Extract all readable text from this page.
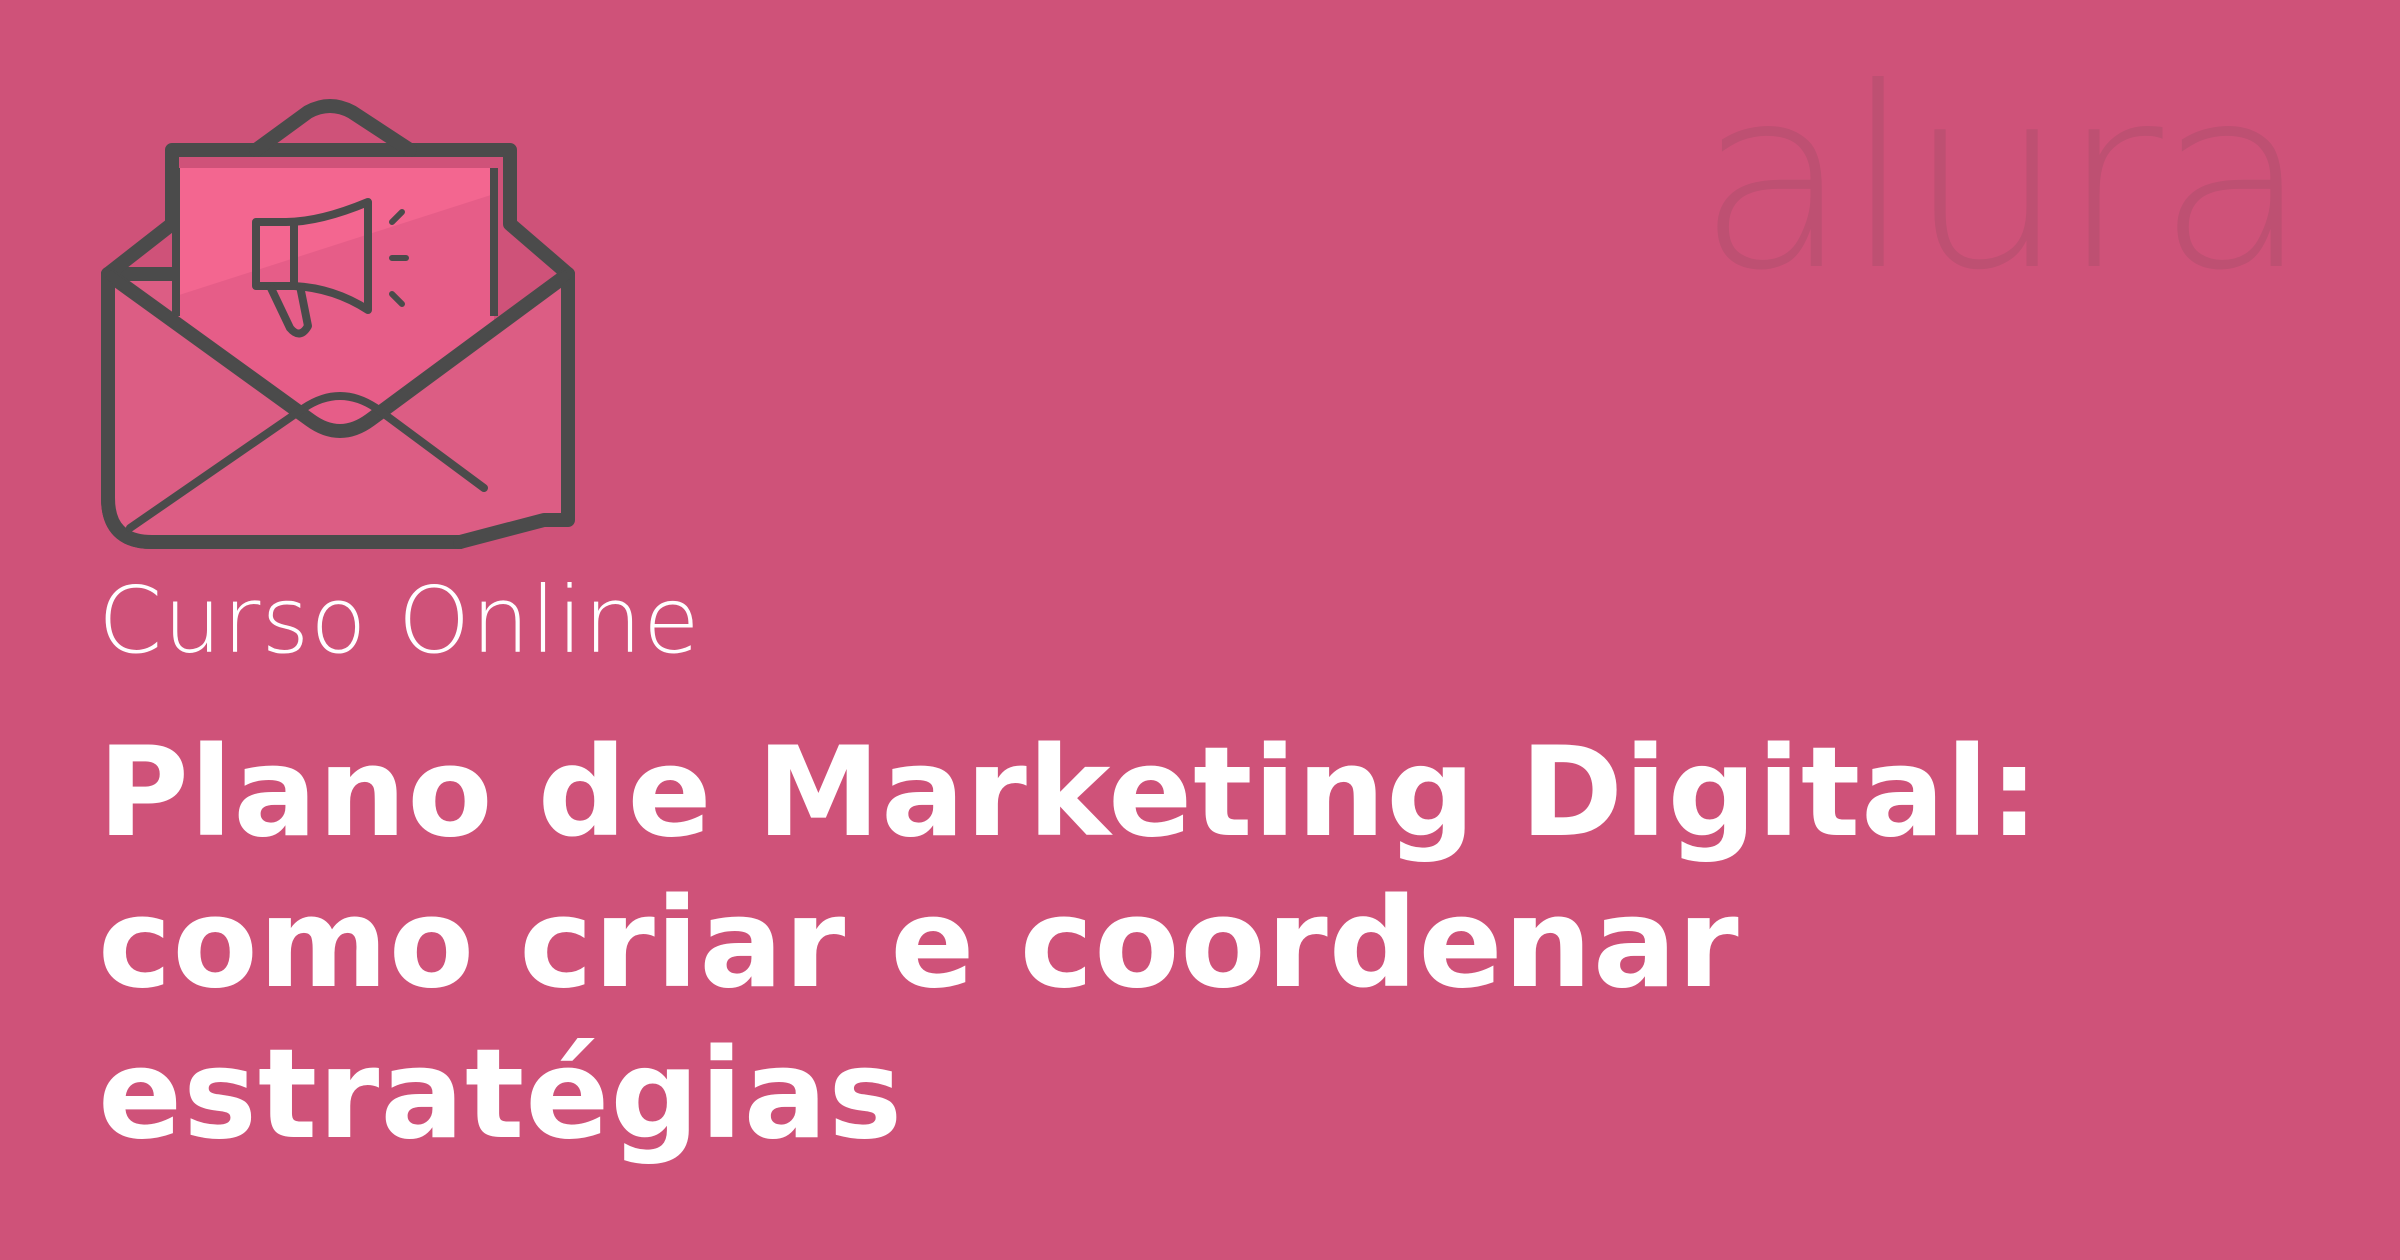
alura
Curso Online
Plano de Marketing Digital:
como criar e coordenar
estratégias
